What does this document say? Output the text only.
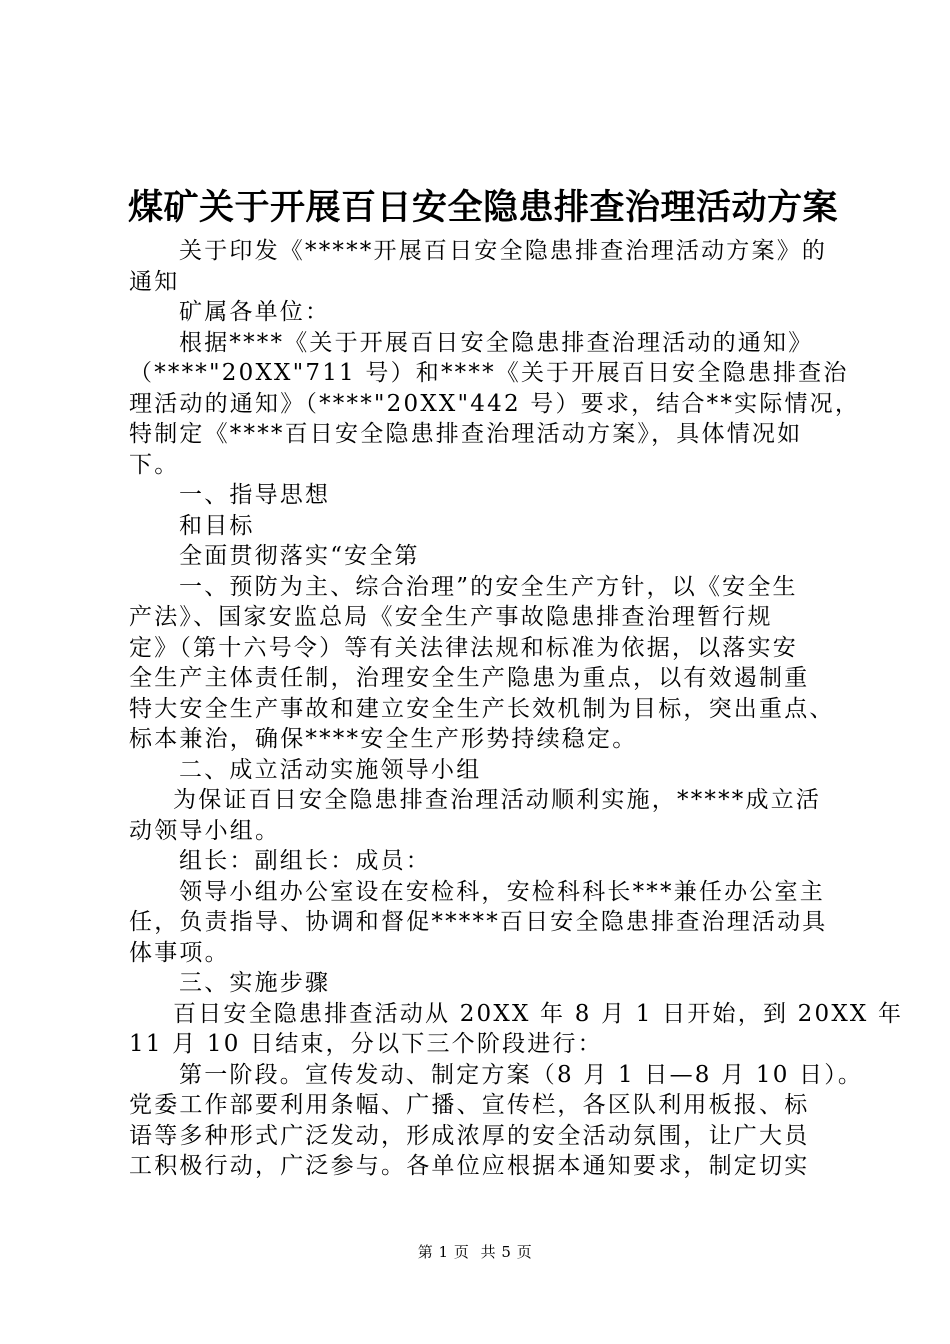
煤矿关于开展百日安全隐患排查治理活动方案
关于印发《*****开展百日安全隐患排查治理活动方案》的
通知
矿属各单位：
根据****《关于开展百日安全隐患排查治理活动的通知》
（****"20XX"711 号）和****《关于开展百日安全隐患排查治
理活动的通知》（****"20XX"442 号）要求，结合**实际情况，
特制定《****百日安全隐患排查治理活动方案》，具体情况如
下。
一、指导思想
和目标
全面贯彻落实“安全第
一、预防为主、综合治理”的安全生产方针，以《安全生
产法》、国家安监总局《安全生产事故隐患排查治理暂行规
定》（第十六号令）等有关法律法规和标准为依据，以落实安
全生产主体责任制，治理安全生产隐患为重点，以有效遏制重
特大安全生产事故和建立安全生产长效机制为目标，突出重点、
标本兼治，确保****安全生产形势持续稳定。
二、成立活动实施领导小组
为保证百日安全隐患排查治理活动顺利实施，*****成立活
动领导小组。
组长：副组长：成员：
领导小组办公室设在安检科，安检科科长***兼任办公室主
任，负责指导、协调和督促*****百日安全隐患排查治理活动具
体事项。
三、实施步骤
百日安全隐患排查活动从 20XX 年 8 月 1 日开始，到 20XX 年
11 月 10 日结束，分以下三个阶段进行：
第一阶段。宣传发动、制定方案（8 月 1 日—8 月 10 日）。
党委工作部要利用条幅、广播、宣传栏，各区队利用板报、标
语等多种形式广泛发动，形成浓厚的安全活动氛围，让广大员
工积极行动，广泛参与。各单位应根据本通知要求，制定切实
第 1 页 共 5 页
